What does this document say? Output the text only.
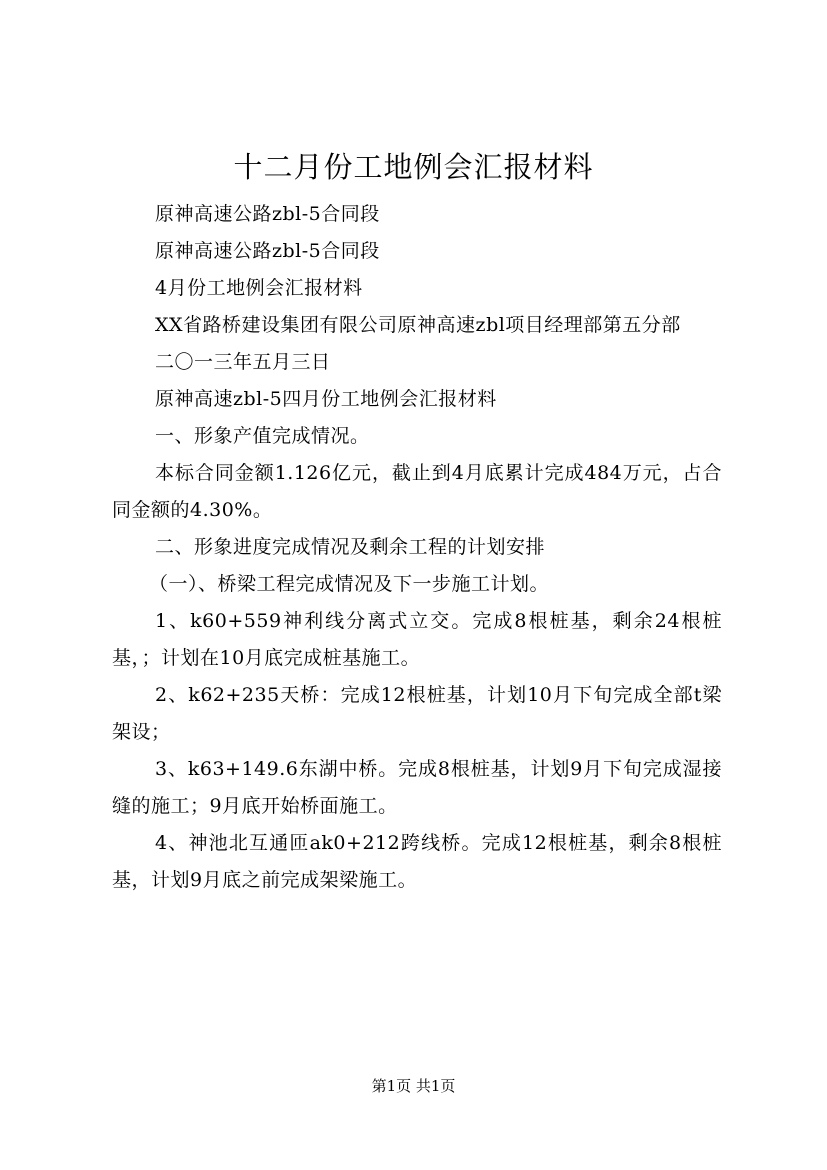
十二月份工地例会汇报材料

原神高速公路zbl-5合同段

原神高速公路zbl-5合同段

4月份工地例会汇报材料

XX省路桥建设集团有限公司原神高速zbl项目经理部第五分部

二〇一三年五月三日

原神高速zbl-5四月份工地例会汇报材料

一、形象产值完成情况。

本标合同金额1.126亿元，截止到4月底累计完成484万元，占合同金额的4.30%。

二、形象进度完成情况及剩余工程的计划安排

（一）、桥梁工程完成情况及下一步施工计划。

1、k60+559神利线分离式立交。完成8根桩基，剩余24根桩基，；计划在10月底完成桩基施工。

2、k62+235天桥：完成12根桩基，计划10月下旬完成全部t梁架设；

3、k63+149.6东湖中桥。完成8根桩基，计划9月下旬完成湿接缝的施工；9月底开始桥面施工。

4、神池北互通匝ak0+212跨线桥。完成12根桩基，剩余8根桩基，计划9月底之前完成架梁施工。

第1页 共1页
